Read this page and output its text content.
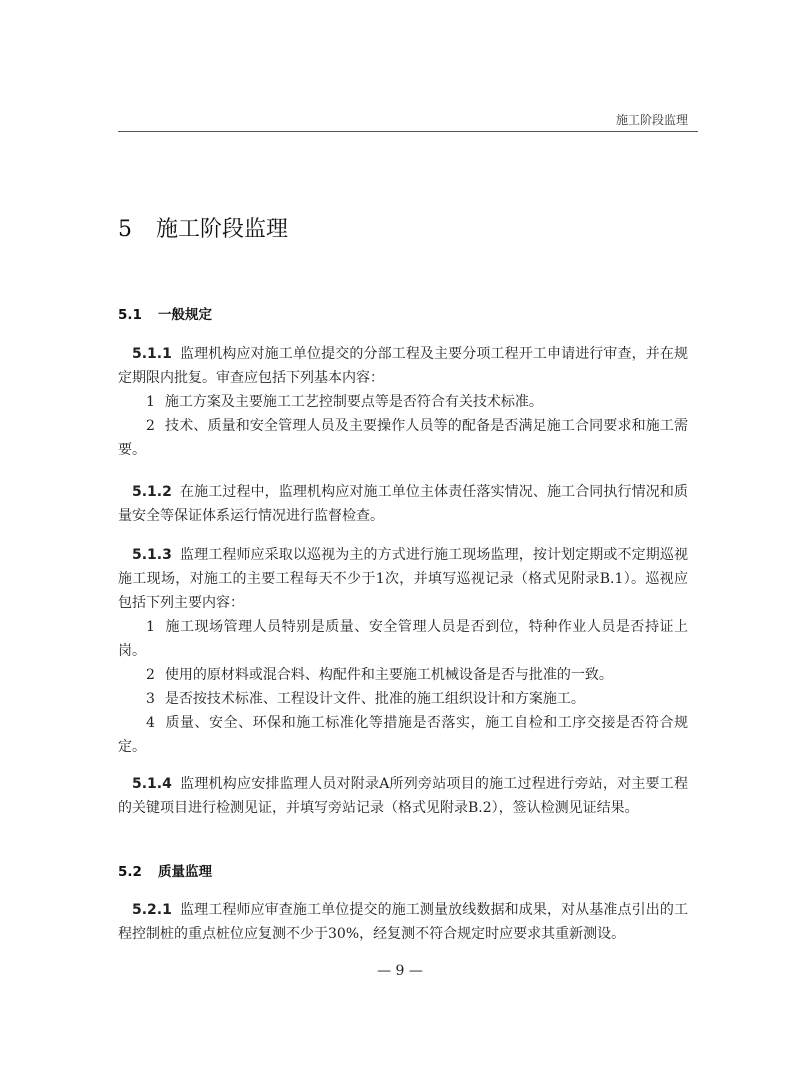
施工阶段监理
5 施工阶段监理
5.1 一般规定

5.1.1 监理机构应对施工单位提交的分部工程及主要分项工程开工申请进行审查，并在规定期限内批复。审查应包括下列基本内容：

1 施工方案及主要施工工艺控制要点等是否符合有关技术标准。

2 技术、质量和安全管理人员及主要操作人员等的配备是否满足施工合同要求和施工需要。

5.1.2 在施工过程中，监理机构应对施工单位主体责任落实情况、施工合同执行情况和质量安全等保证体系运行情况进行监督检查。

5.1.3 监理工程师应采取以巡视为主的方式进行施工现场监理，按计划定期或不定期巡视施工现场，对施工的主要工程每天不少于1次，并填写巡视记录（格式见附录B.1）。巡视应包括下列主要内容：

1 施工现场管理人员特别是质量、安全管理人员是否到位，特种作业人员是否持证上岗。

2 使用的原材料或混合料、构配件和主要施工机械设备是否与批准的一致。

3 是否按技术标准、工程设计文件、批准的施工组织设计和方案施工。

4 质量、安全、环保和施工标准化等措施是否落实，施工自检和工序交接是否符合规定。

5.1.4 监理机构应安排监理人员对附录A所列旁站项目的施工过程进行旁站，对主要工程的关键项目进行检测见证，并填写旁站记录（格式见附录B.2），签认检测见证结果。

5.2 质量监理

5.2.1 监理工程师应审查施工单位提交的施工测量放线数据和成果，对从基准点引出的工程控制桩的重点桩位应复测不少于30%，经复测不符合规定时应要求其重新测设。

— 9 —
